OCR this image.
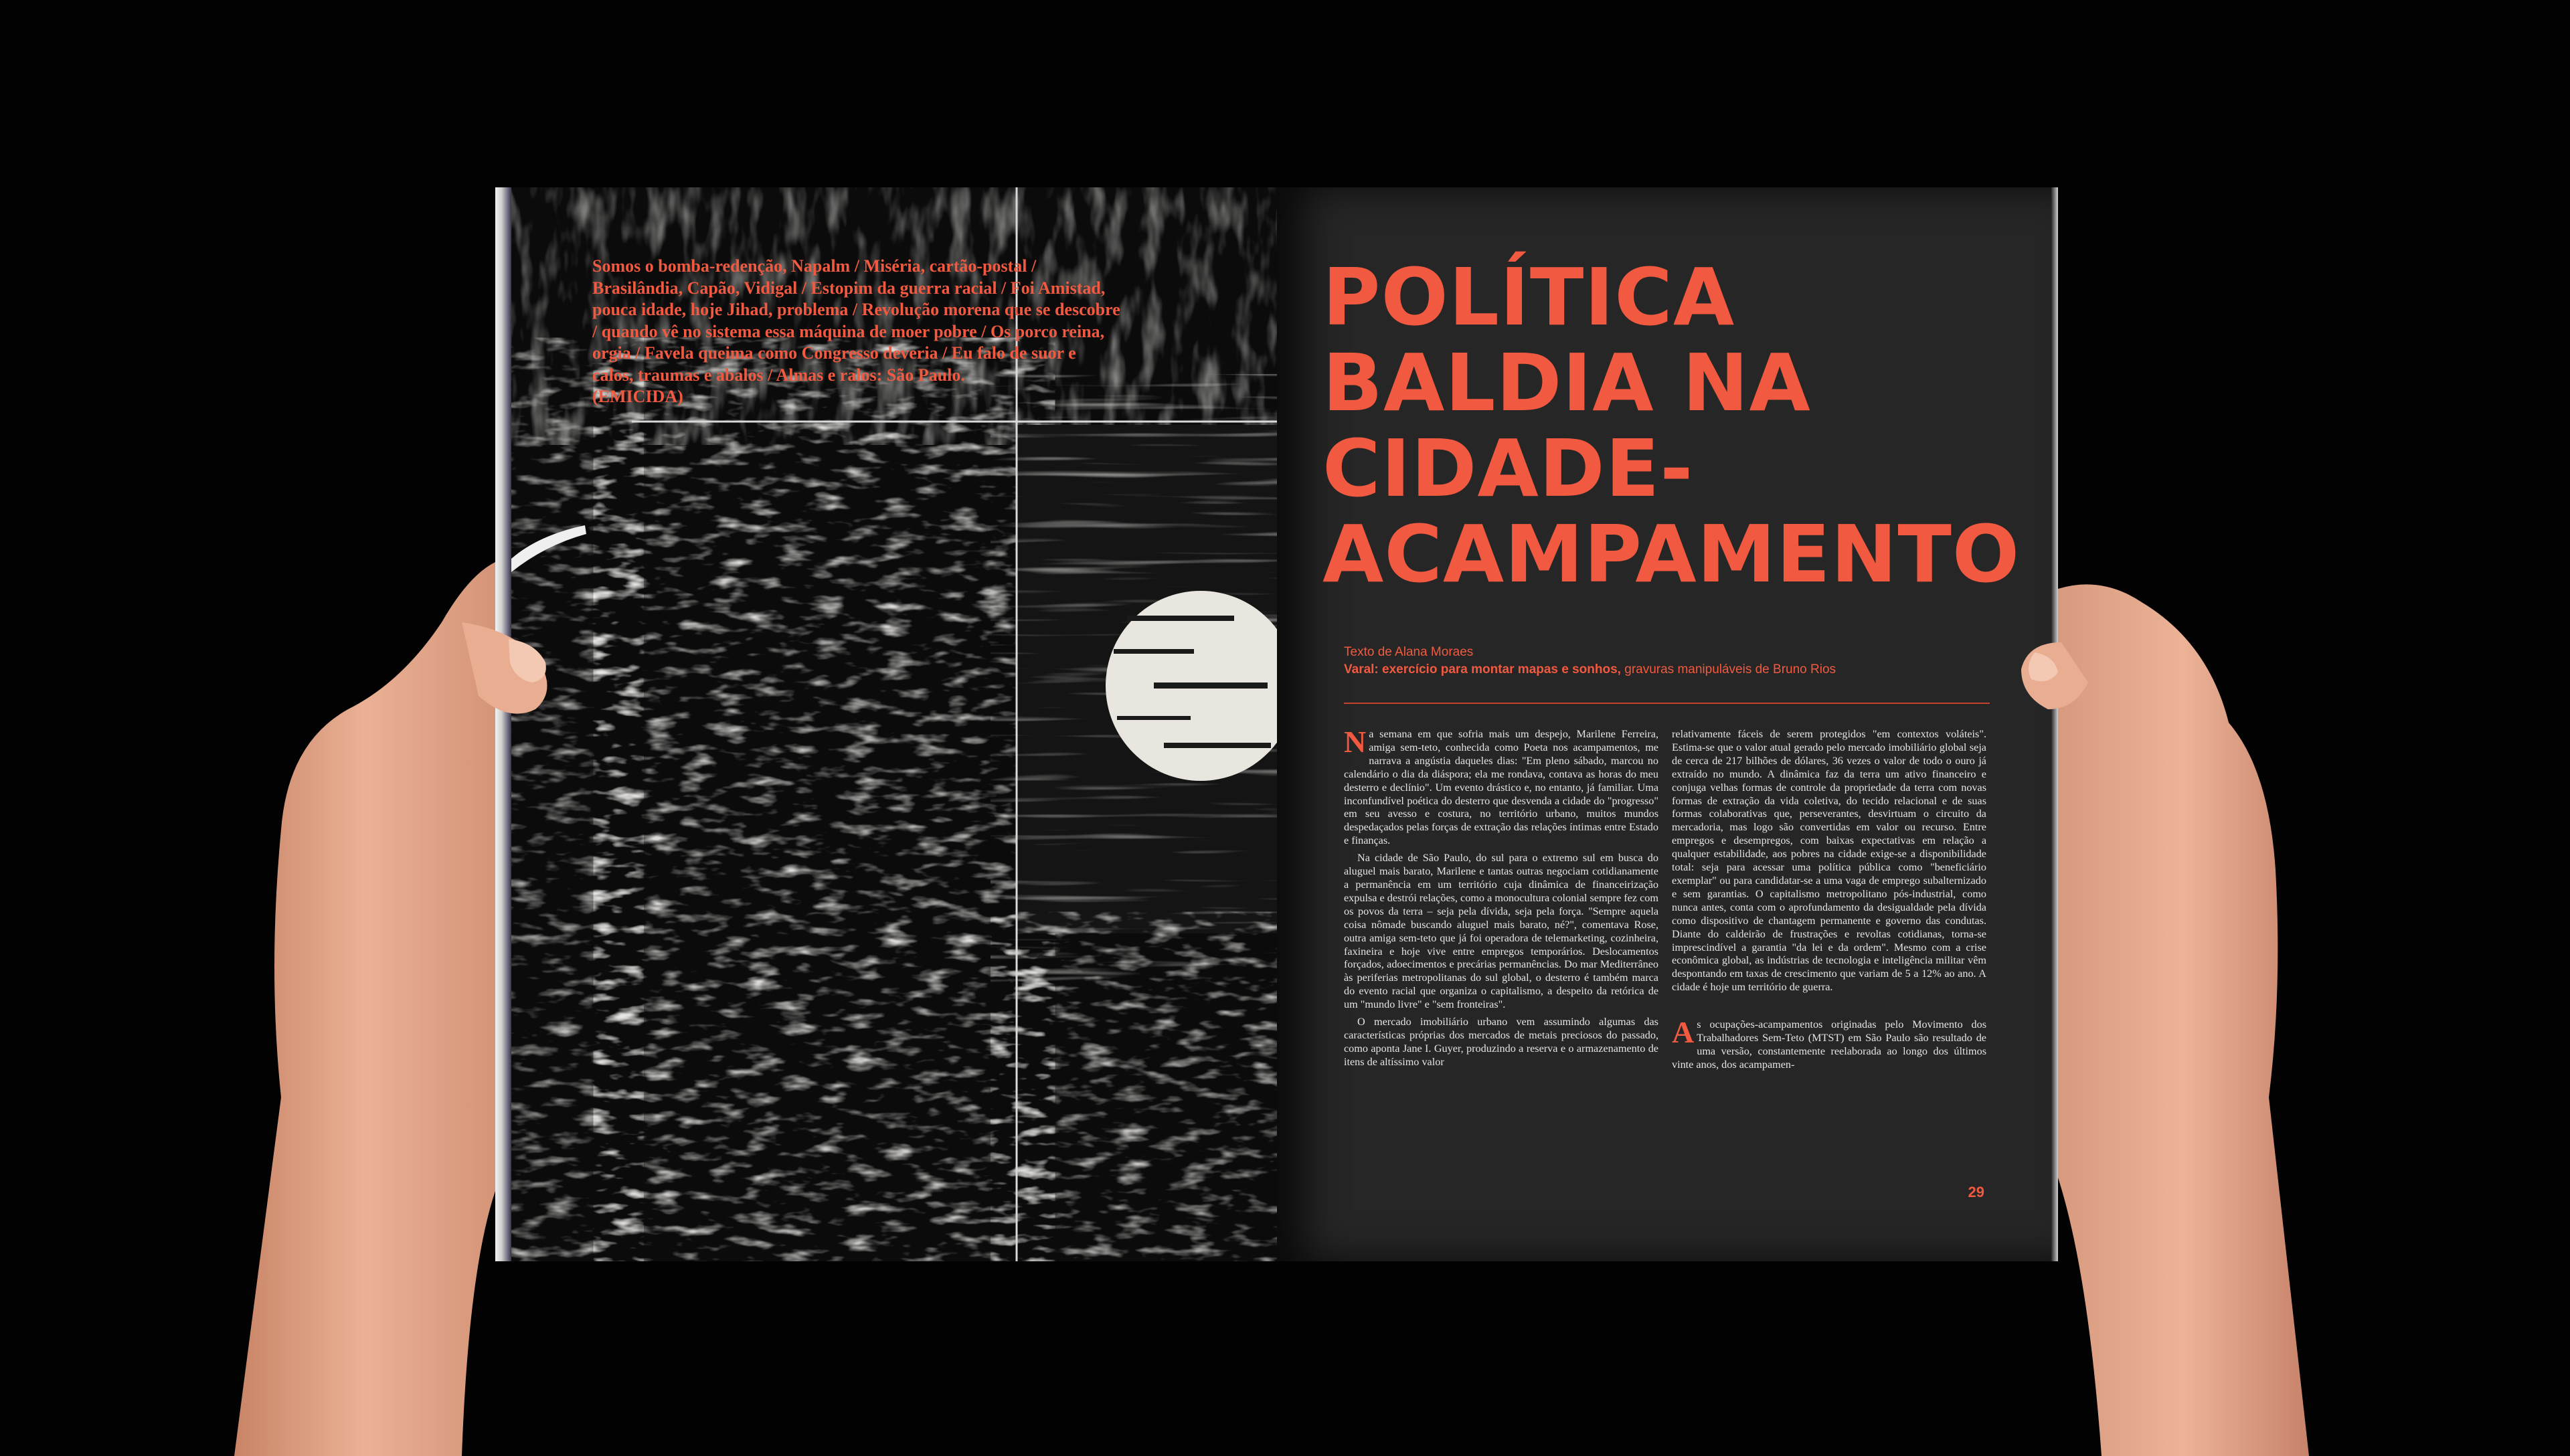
Somos o bomba-redenção, Napalm / Miséria, cartão-postal /
Brasilândia, Capão, Vidigal / Estopim da guerra racial / Foi Amistad,
pouca idade, hoje Jihad, problema / Revolução morena que se descobre
/ quando vê no sistema essa máquina de moer pobre / Os porco reina,
orgia / Favela queima como Congresso deveria / Eu falo de suor e
calos, traumas e abalos / Almas e ralos: São Paulo.
(EMICIDA)
POLÍTICA
BALDIA NA
CIDADE-
ACAMPAMENTO
Texto de Alana Moraes
Varal: exercício para montar mapas e sonhos, gravuras manipuláveis de Bruno Rios

Na semana em que sofria mais um despejo, Marilene Ferreira, amiga sem-teto, conhecida como Poeta nos acampamentos, me narrava a angústia daqueles dias: "Em pleno sábado, marcou no calendário o dia da diáspora; ela me rondava, contava as horas do meu desterro e declínio". Um evento drástico e, no entanto, já familiar. Uma inconfundível poética do desterro que desvenda a cidade do "progresso" em seu avesso e costura, no território urbano, muitos mundos despedaçados pelas forças de extração das relações íntimas entre Estado e finanças.

Na cidade de São Paulo, do sul para o extremo sul em busca do aluguel mais barato, Marilene e tantas outras negociam cotidianamente a permanência em um território cuja dinâmica de financeirização expulsa e destrói relações, como a monocultura colonial sempre fez com os povos da terra – seja pela dívida, seja pela força. "Sempre aquela coisa nômade buscando aluguel mais barato, né?", comentava Rose, outra amiga sem-teto que já foi operadora de telemarketing, cozinheira, faxineira e hoje vive entre empregos temporários. Deslocamentos forçados, adoecimentos e precárias permanências. Do mar Mediterrâneo às periferias metropolitanas do sul global, o desterro é também marca do evento racial que organiza o capitalismo, a despeito da retórica de um "mundo livre" e "sem fronteiras".

O mercado imobiliário urbano vem assumindo algumas das características próprias dos mercados de metais preciosos do passado, como aponta Jane I. Guyer, produzindo a reserva e o armazenamento de itens de altíssimo valor

relativamente fáceis de serem protegidos "em contextos voláteis". Estima-se que o valor atual gerado pelo mercado imobiliário global seja de cerca de 217 bilhões de dólares, 36 vezes o valor de todo o ouro já extraído no mundo. A dinâmica faz da terra um ativo financeiro e conjuga velhas formas de controle da propriedade da terra com novas formas de extração da vida coletiva, do tecido relacional e de suas formas colaborativas que, perseverantes, desvirtuam o circuito da mercadoria, mas logo são convertidas em valor ou recurso. Entre empregos e desempregos, com baixas expectativas em relação a qualquer estabilidade, aos pobres na cidade exige-se a disponibilidade total: seja para acessar uma política pública como "beneficiário exemplar" ou para candidatar-se a uma vaga de emprego subalternizado e sem garantias. O capitalismo metropolitano pós-industrial, como nunca antes, conta com o aprofundamento da desigualdade pela dívida como dispositivo de chantagem permanente e governo das condutas. Diante do caldeirão de frustrações e revoltas cotidianas, torna-se imprescindível a garantia "da lei e da ordem". Mesmo com a crise econômica global, as indústrias de tecnologia e inteligência militar vêm despontando em taxas de crescimento que variam de 5 a 12% ao ano. A cidade é hoje um território de guerra.

As ocupações-acampamentos originadas pelo Movimento dos Trabalhadores Sem-Teto (MTST) em São Paulo são resultado de uma versão, constantemente reelaborada ao longo dos últimos vinte anos, dos acampamen-

29
